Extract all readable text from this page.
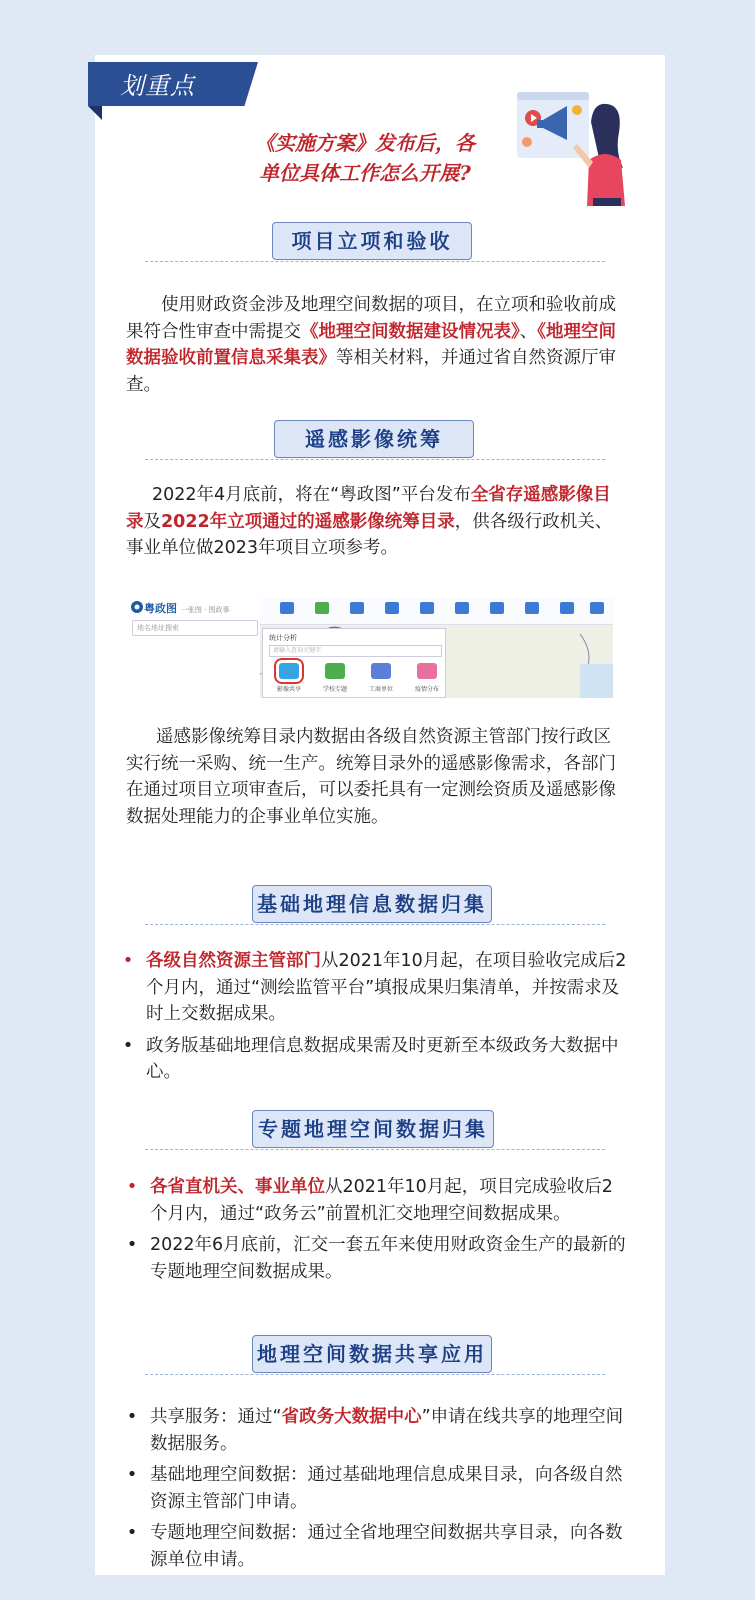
划重点
《实施方案》发布后，各
单位具体工作怎么开展?
项目立项和验收
使用财政资金涉及地理空间数据的项目，在立项和验收前成果符合性审查中需提交《地理空间数据建设情况表》、《地理空间数据验收前置信息采集表》等相关材料，并通过省自然资源厅审查。
遥感影像统筹
2022年4月底前，将在“粤政图”平台发布全省存遥感影像目录及2022年立项通过的遥感影像统筹目录，供各级行政机关、事业单位做2023年项目立项参考。
粤政图 一张图 · 图政事
地名地址搜索
统计分析
请输入查询关键字
影像共享	学校专题	工商单位	疫情分布
遥感影像统筹目录内数据由各级自然资源主管部门按行政区实行统一采购、统一生产。统筹目录外的遥感影像需求，各部门在通过项目立项审查后，可以委托具有一定测绘资质及遥感影像数据处理能力的企事业单位实施。
基础地理信息数据归集
• 各级自然资源主管部门从2021年10月起，在项目验收完成后2个月内，通过“测绘监管平台”填报成果归集清单，并按需求及时上交数据成果。
• 政务版基础地理信息数据成果需及时更新至本级政务大数据中心。
专题地理空间数据归集
• 各省直机关、事业单位从2021年10月起，项目完成验收后2个月内，通过“政务云”前置机汇交地理空间数据成果。
• 2022年6月底前，汇交一套五年来使用财政资金生产的最新的专题地理空间数据成果。
地理空间数据共享应用
• 共享服务：通过“省政务大数据中心”申请在线共享的地理空间数据服务。
• 基础地理空间数据：通过基础地理信息成果目录，向各级自然资源主管部门申请。
• 专题地理空间数据：通过全省地理空间数据共享目录，向各数源单位申请。
